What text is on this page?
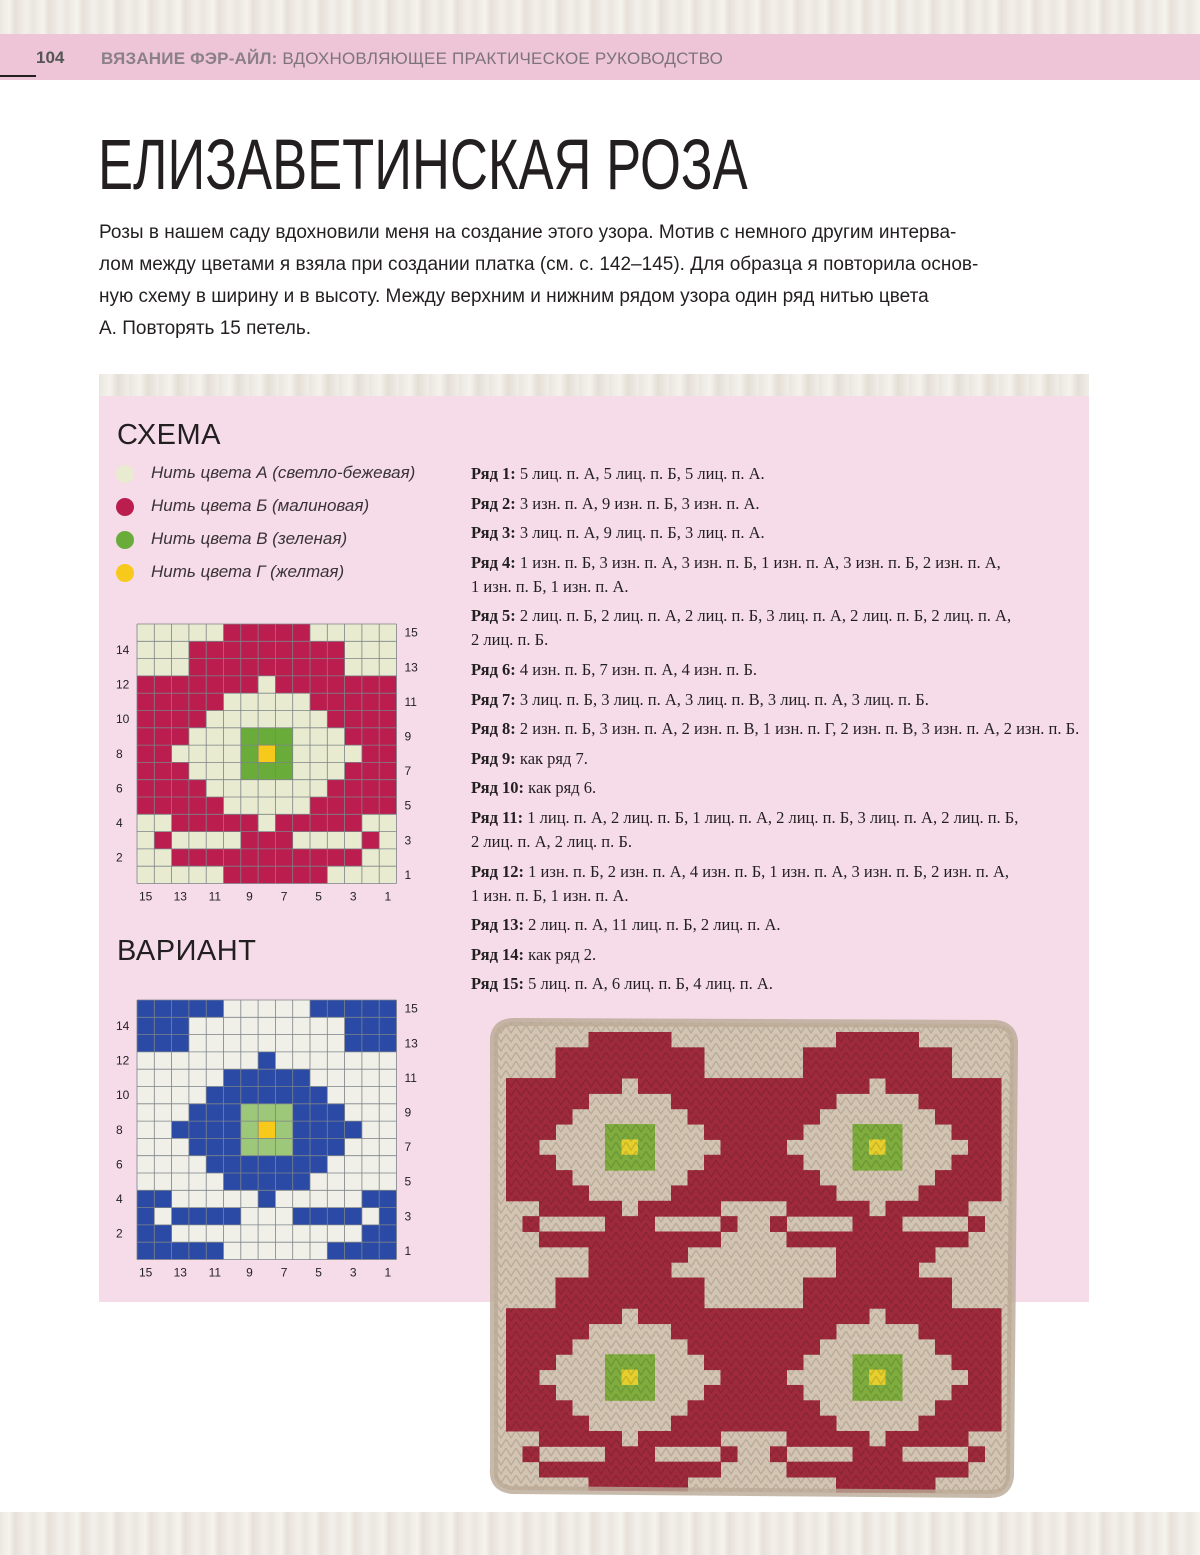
104 ВЯЗАНИЕ ФЭР-АЙЛ: ВДОХНОВЛЯЮЩЕЕ ПРАКТИЧЕСКОЕ РУКОВОДСТВО
ЕЛИЗАВЕТИНСКАЯ РОЗА
Розы в нашем саду вдохновили меня на создание этого узора. Мотив с немного другим интерва-
лом между цветами я взяла при создании платка (см. с. 142–145). Для образца я повторила основ-
ную схему в ширину и в высоту. Между верхним и нижним рядом узора один ряд нитью цвета
А. Повторять 15 петель.
СХЕМА
Нить цвета А (светло-бежевая)
Нить цвета Б (малиновая)
Нить цвета В (зеленая)
Нить цвета Г (желтая)
14
12
10
8
6
4
2
15
13
11
9
7
5
3
1
15 13 11 9 7 5 3 1
ВАРИАНТ
14
12
10
8
6
4
2
15
13
11
9
7
5
3
1
15 13 11 9 7 5 3 1
Ряд 1: 5 лиц. п. А, 5 лиц. п. Б, 5 лиц. п. А.
Ряд 2: 3 изн. п. А, 9 изн. п. Б, 3 изн. п. А.
Ряд 3: 3 лиц. п. А, 9 лиц. п. Б, 3 лиц. п. А.
Ряд 4: 1 изн. п. Б, 3 изн. п. А, 3 изн. п. Б, 1 изн. п. А, 3 изн. п. Б, 2 изн. п. А,
1 изн. п. Б, 1 изн. п. А.
Ряд 5: 2 лиц. п. Б, 2 лиц. п. А, 2 лиц. п. Б, 3 лиц. п. А, 2 лиц. п. Б, 2 лиц. п. А,
2 лиц. п. Б.
Ряд 6: 4 изн. п. Б, 7 изн. п. А, 4 изн. п. Б.
Ряд 7: 3 лиц. п. Б, 3 лиц. п. А, 3 лиц. п. В, 3 лиц. п. А, 3 лиц. п. Б.
Ряд 8: 2 изн. п. Б, 3 изн. п. А, 2 изн. п. В, 1 изн. п. Г, 2 изн. п. В, 3 изн. п. А, 2 изн. п. Б.
Ряд 9: как ряд 7.
Ряд 10: как ряд 6.
Ряд 11: 1 лиц. п. А, 2 лиц. п. Б, 1 лиц. п. А, 2 лиц. п. Б, 3 лиц. п. А, 2 лиц. п. Б,
2 лиц. п. А, 2 лиц. п. Б.
Ряд 12: 1 изн. п. Б, 2 изн. п. А, 4 изн. п. Б, 1 изн. п. А, 3 изн. п. Б, 2 изн. п. А,
1 изн. п. Б, 1 изн. п. А.
Ряд 13: 2 лиц. п. А, 11 лиц. п. Б, 2 лиц. п. А.
Ряд 14: как ряд 2.
Ряд 15: 5 лиц. п. А, 6 лиц. п. Б, 4 лиц. п. А.
